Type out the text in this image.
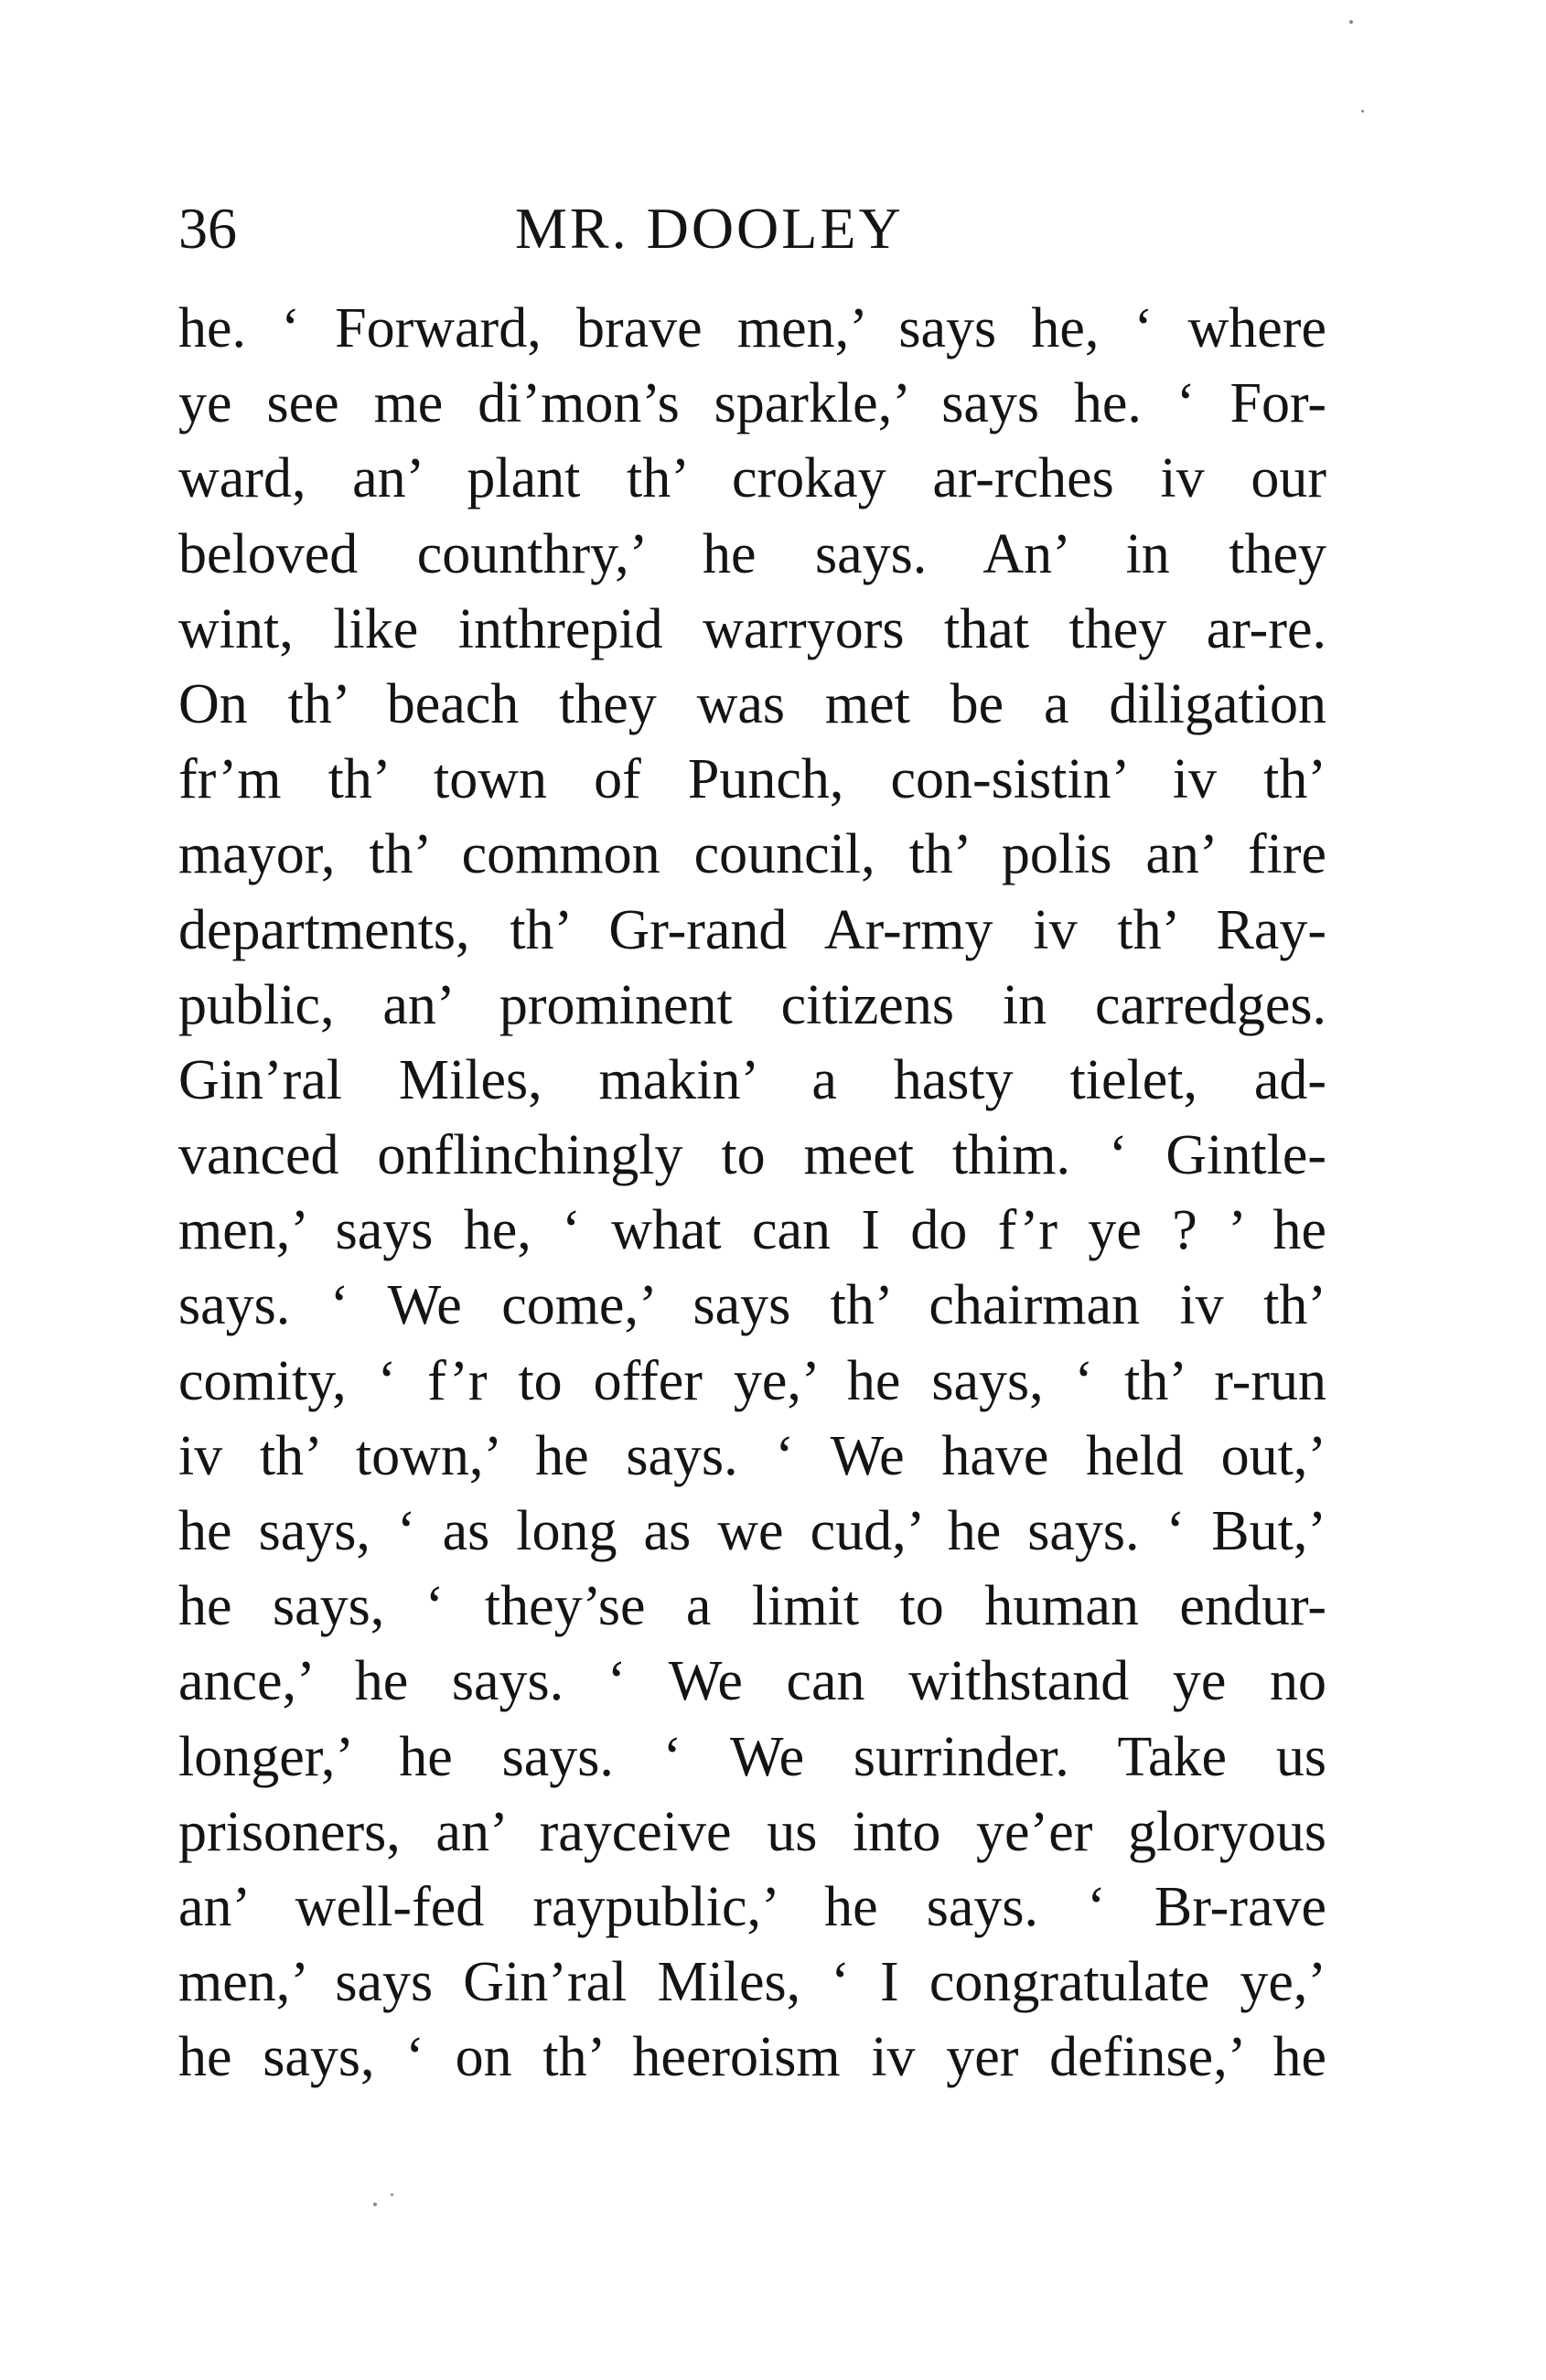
36	MR. DOOLEY
he. ‘ Forward, brave men,’ says he, ‘ where
ye see me di’mon’s sparkle,’ says he. ‘ For-
ward, an’ plant th’ crokay ar-rches iv our
beloved counthry,’ he says. An’ in they
wint, like inthrepid warryors that they ar-re.
On th’ beach they was met be a diligation
fr’m th’ town of Punch, con-sistin’ iv th’
mayor, th’ common council, th’ polis an’ fire
departments, th’ Gr-rand Ar-rmy iv th’ Ray-
public, an’ prominent citizens in carredges.
Gin’ral Miles, makin’ a hasty tielet, ad-
vanced onflinchingly to meet thim. ‘ Gintle-
men,’ says he, ‘ what can I do f’r ye ? ’ he
says. ‘ We come,’ says th’ chairman iv th’
comity, ‘ f’r to offer ye,’ he says, ‘ th’ r-run
iv th’ town,’ he says. ‘ We have held out,’
he says, ‘ as long as we cud,’ he says. ‘ But,’
he says, ‘ they’se a limit to human endur-
ance,’ he says. ‘ We can withstand ye no
longer,’ he says. ‘ We surrinder. Take us
prisoners, an’ rayceive us into ye’er gloryous
an’ well-fed raypublic,’ he says. ‘ Br-rave
men,’ says Gin’ral Miles, ‘ I congratulate ye,’
he says, ‘ on th’ heeroism iv yer definse,’ he
